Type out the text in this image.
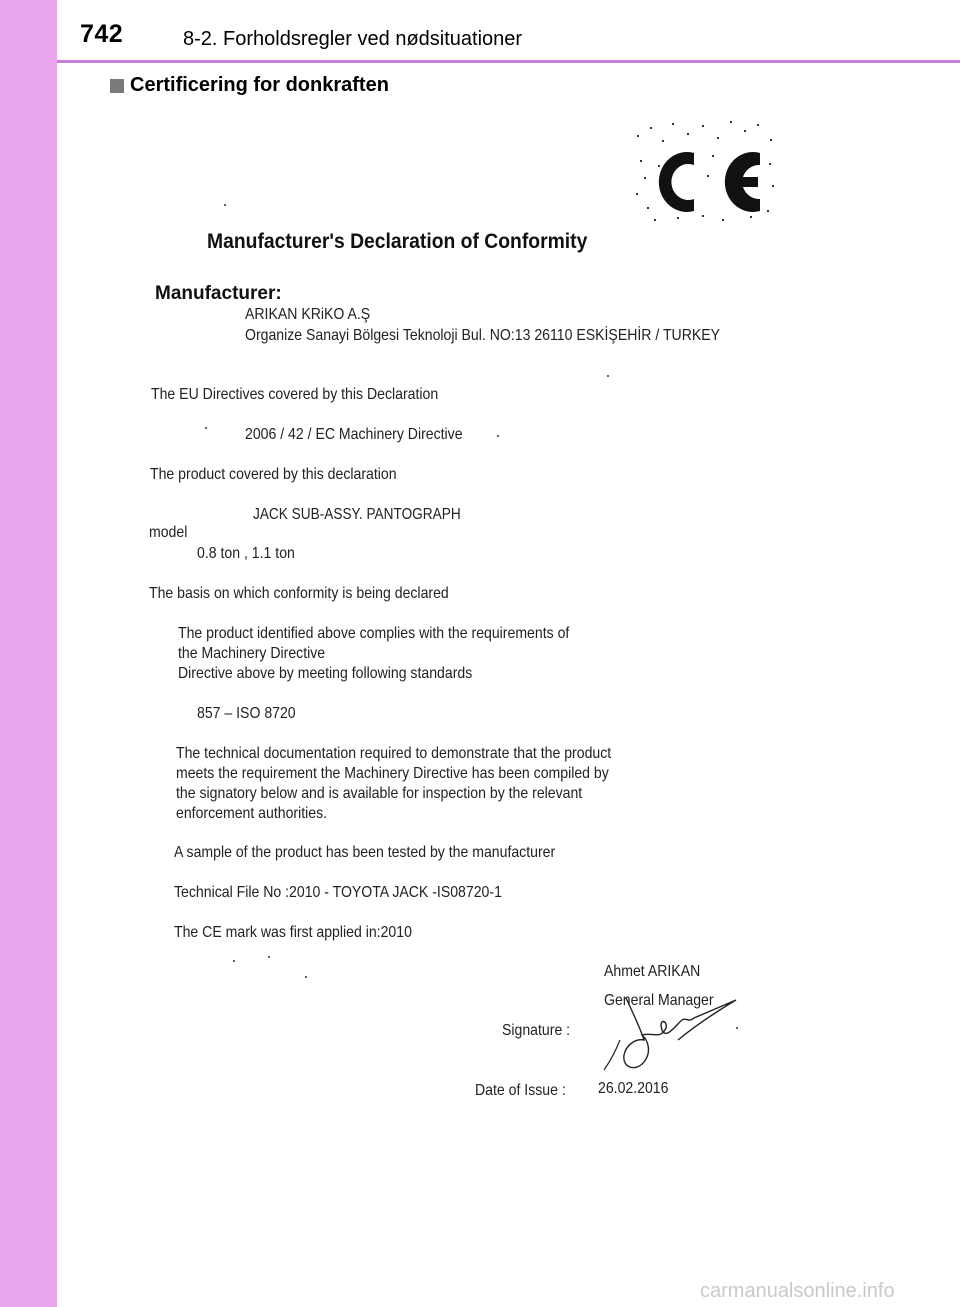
742	8-2. Forholdsregler ved nødsituationer
Certificering for donkraften
Manufacturer's Declaration of Conformity
Manufacturer:
ARIKAN KRiKO A.Ş
Organize Sanayi Bölgesi Teknoloji Bul. NO:13 26110 ESKİŞEHİR / TURKEY
The EU Directives covered by this Declaration
2006 / 42 / EC Machinery Directive
The product covered by this declaration
JACK SUB-ASSY. PANTOGRAPH
model
0.8 ton , 1.1 ton
The basis on which conformity is being declared
The product identified above complies with the requirements of
the Machinery Directive
Directive above by meeting following standards
857 – ISO 8720
The technical documentation required to demonstrate that the product
meets the requirement the Machinery Directive has been compiled by
the signatory below and is available for inspection by the relevant
enforcement authorities.
A sample of the product has been tested by the manufacturer
Technical File No :2010 - TOYOTA JACK -IS08720-1
The CE mark was first applied in:2010
Ahmet ARIKAN
General Manager
Signature :
Date of Issue : 26.02.2016
carmanualsonline.info
